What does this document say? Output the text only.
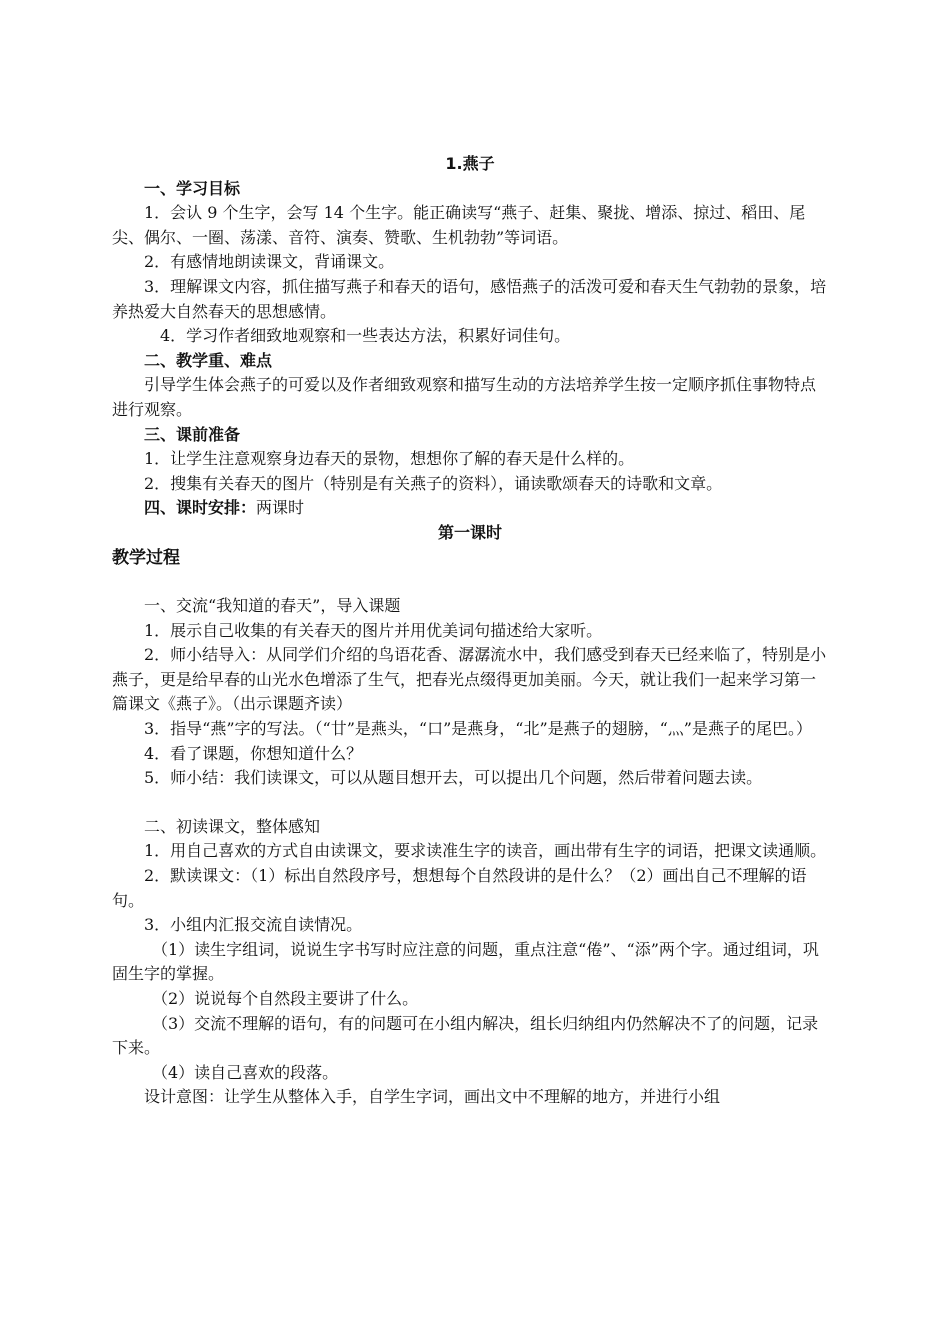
1.燕子
一、学习目标

1．会认 9 个生字，会写 14 个生字。能正确读写“燕子、赶集、聚拢、增添、掠过、稻田、尾尖、偶尔、一圈、荡漾、音符、演奏、赞歌、生机勃勃”等词语。

2．有感情地朗读课文，背诵课文。

3．理解课文内容，抓住描写燕子和春天的语句，感悟燕子的活泼可爱和春天生气勃勃的景象，培养热爱大自然春天的思想感情。

4．学习作者细致地观察和一些表达方法，积累好词佳句。

二、教学重、难点

引导学生体会燕子的可爱以及作者细致观察和描写生动的方法培养学生按一定顺序抓住事物特点进行观察。

三、课前准备

1．让学生注意观察身边春天的景物，想想你了解的春天是什么样的。

2．搜集有关春天的图片（特别是有关燕子的资料），诵读歌颂春天的诗歌和文章。

四、课时安排：两课时

第一课时
教学过程

一、交流“我知道的春天”，导入课题

1．展示自己收集的有关春天的图片并用优美词句描述给大家听。

2．师小结导入：从同学们介绍的鸟语花香、潺潺流水中，我们感受到春天已经来临了，特别是小燕子，更是给早春的山光水色增添了生气，把春光点缀得更加美丽。今天，就让我们一起来学习第一篇课文《燕子》。（出示课题齐读）

3．指导“燕”字的写法。（“廿”是燕头，“口”是燕身，“北”是燕子的翅膀，“灬”是燕子的尾巴。）

4．看了课题，你想知道什么？

5．师小结：我们读课文，可以从题目想开去，可以提出几个问题，然后带着问题去读。

二、初读课文，整体感知

1．用自己喜欢的方式自由读课文，要求读准生字的读音，画出带有生字的词语，把课文读通顺。

2．默读课文：（1）标出自然段序号，想想每个自然段讲的是什么？（2）画出自己不理解的语句。

3．小组内汇报交流自读情况。

（1）读生字组词，说说生字书写时应注意的问题，重点注意“倦”、“添”两个字。通过组词，巩固生字的掌握。

（2）说说每个自然段主要讲了什么。

（3）交流不理解的语句，有的问题可在小组内解决，组长归纳组内仍然解决不了的问题，记录下来。

（4）读自己喜欢的段落。

设计意图：让学生从整体入手，自学生字词，画出文中不理解的地方，并进行小组
